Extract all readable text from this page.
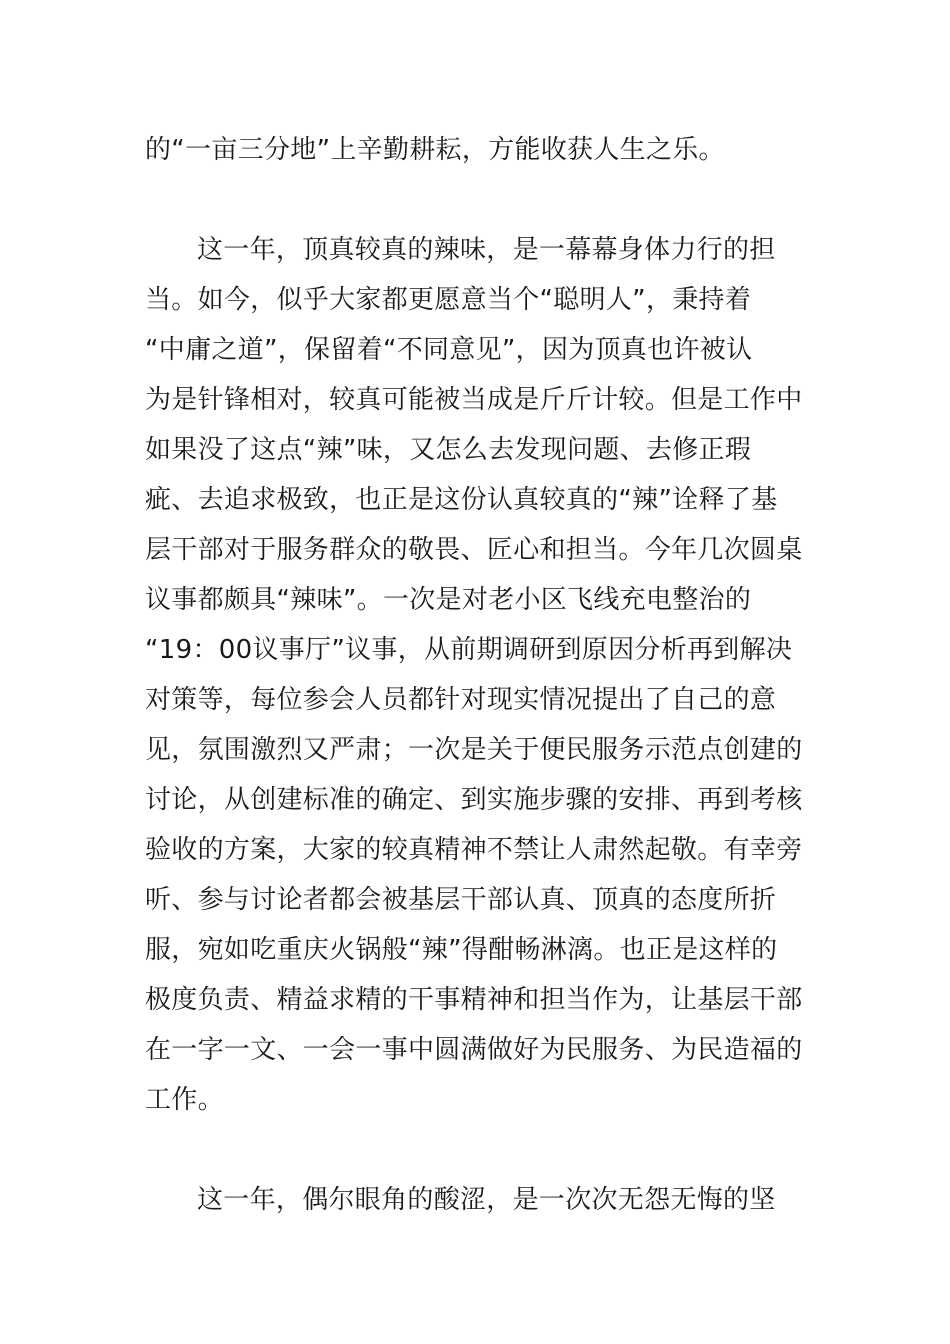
的“一亩三分地”上辛勤耕耘，方能收获人生之乐。
这一年，顶真较真的辣味，是一幕幕身体力行的担
当。如今，似乎大家都更愿意当个“聪明人”，秉持着
“中庸之道”，保留着“不同意见”，因为顶真也许被认
为是针锋相对，较真可能被当成是斤斤计较。但是工作中
如果没了这点“辣”味，又怎么去发现问题、去修正瑕
疵、去追求极致，也正是这份认真较真的“辣”诠释了基
层干部对于服务群众的敬畏、匠心和担当。今年几次圆桌
议事都颇具“辣味”。一次是对老小区飞线充电整治的
“19：00议事厅”议事，从前期调研到原因分析再到解决
对策等，每位参会人员都针对现实情况提出了自己的意
见，氛围激烈又严肃；一次是关于便民服务示范点创建的
讨论，从创建标准的确定、到实施步骤的安排、再到考核
验收的方案，大家的较真精神不禁让人肃然起敬。有幸旁
听、参与讨论者都会被基层干部认真、顶真的态度所折
服，宛如吃重庆火锅般“辣”得酣畅淋漓。也正是这样的
极度负责、精益求精的干事精神和担当作为，让基层干部
在一字一文、一会一事中圆满做好为民服务、为民造福的
工作。
这一年，偶尔眼角的酸涩，是一次次无怨无悔的坚
